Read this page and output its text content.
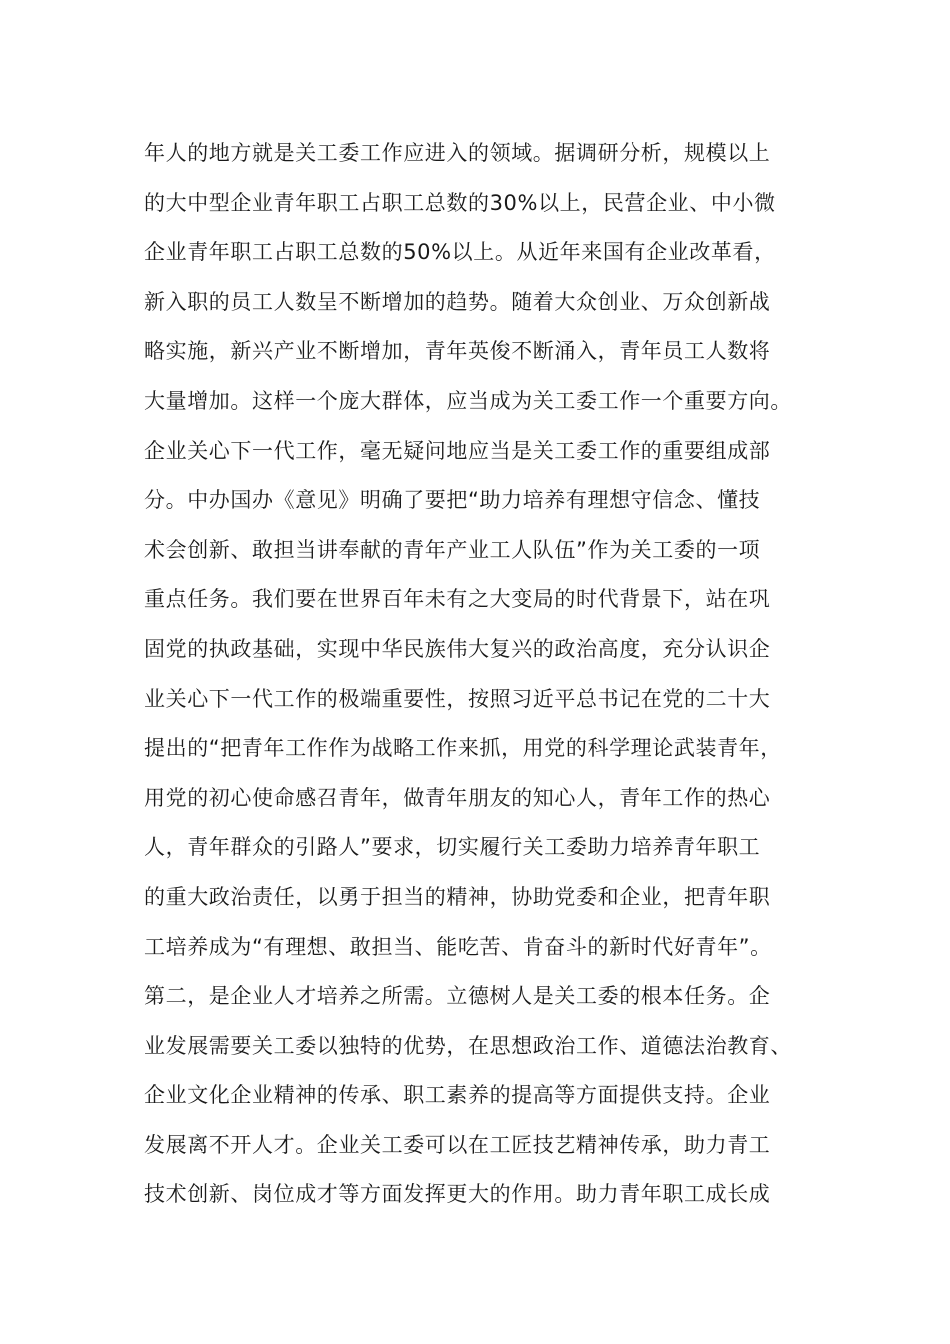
年人的地方就是关工委工作应进入的领域。据调研分析，规模以上
的大中型企业青年职工占职工总数的30%以上，民营企业、中小微
企业青年职工占职工总数的50%以上。从近年来国有企业改革看，
新入职的员工人数呈不断增加的趋势。随着大众创业、万众创新战
略实施，新兴产业不断增加，青年英俊不断涌入，青年员工人数将
大量增加。这样一个庞大群体，应当成为关工委工作一个重要方向。
企业关心下一代工作，毫无疑问地应当是关工委工作的重要组成部
分。中办国办《意见》明确了要把“助力培养有理想守信念、懂技
术会创新、敢担当讲奉献的青年产业工人队伍”作为关工委的一项
重点任务。我们要在世界百年未有之大变局的时代背景下，站在巩
固党的执政基础，实现中华民族伟大复兴的政治高度，充分认识企
业关心下一代工作的极端重要性，按照习近平总书记在党的二十大
提出的“把青年工作作为战略工作来抓，用党的科学理论武装青年，
用党的初心使命感召青年，做青年朋友的知心人，青年工作的热心
人，青年群众的引路人”要求，切实履行关工委助力培养青年职工
的重大政治责任，以勇于担当的精神，协助党委和企业，把青年职
工培养成为“有理想、敢担当、能吃苦、肯奋斗的新时代好青年”。
第二，是企业人才培养之所需。立德树人是关工委的根本任务。企
业发展需要关工委以独特的优势，在思想政治工作、道德法治教育、
企业文化企业精神的传承、职工素养的提高等方面提供支持。企业
发展离不开人才。企业关工委可以在工匠技艺精神传承，助力青工
技术创新、岗位成才等方面发挥更大的作用。助力青年职工成长成
